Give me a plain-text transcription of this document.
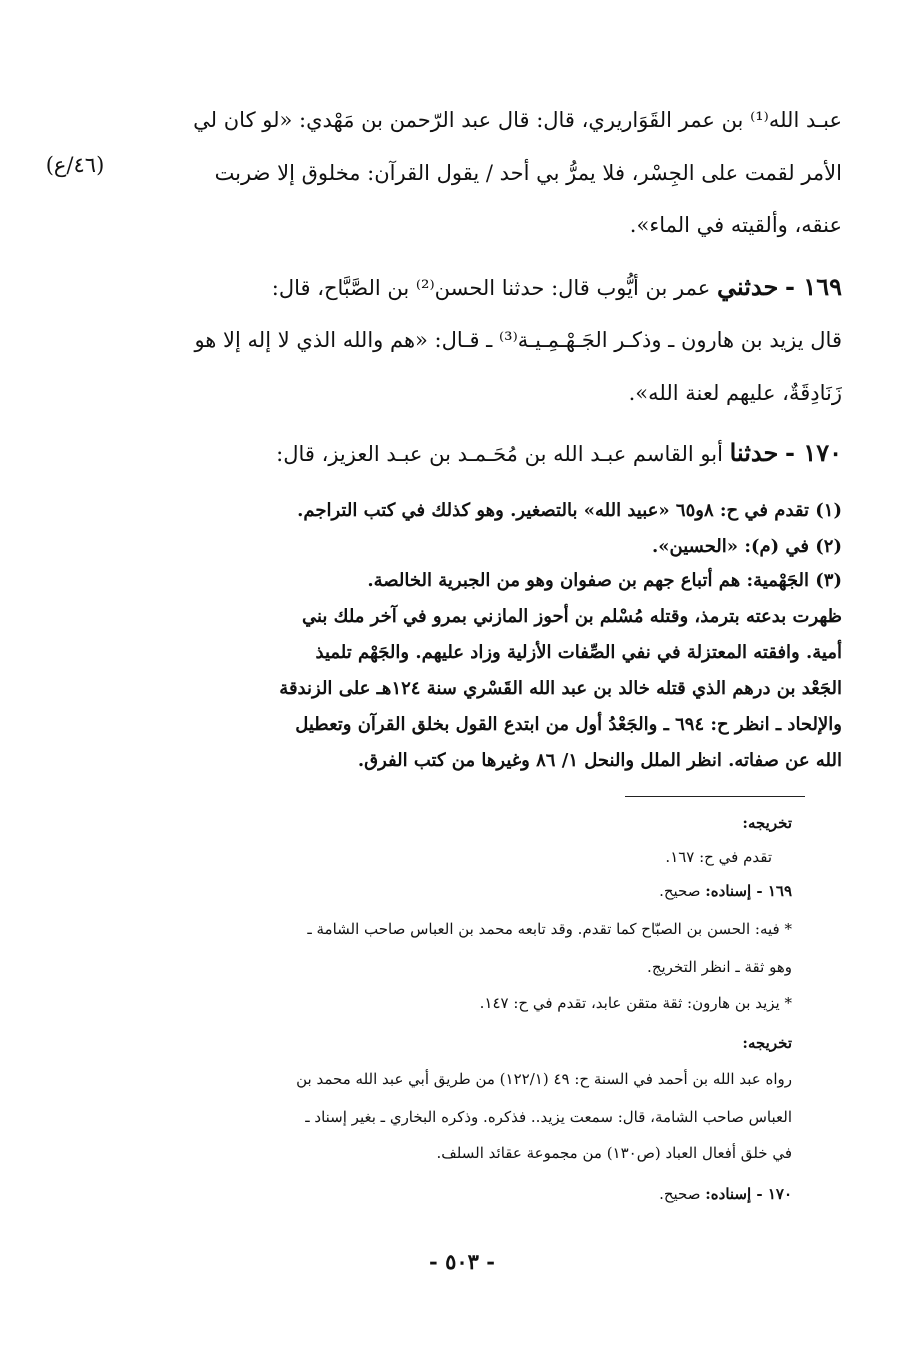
(٤٦/ع)
عبـد الله⁽¹⁾ بن عمر القَوَاريري، قال: قال عبد الرّحمن بن مَهْدي: «لو كان لي
الأمر لقمت على الجِسْر، فلا يمرُّ بي أحد / يقول القرآن: مخلوق إلا ضربت
عنقه، وألقيته في الماء».
١٦٩ - حدثني عمر بن أيُّوب قال: حدثنا الحسن⁽²⁾ بن الصَّبَّاح، قال:
قال يزيد بن هارون ـ وذكـر الجَـهْـمِـيـة⁽³⁾ ـ قـال: «هم والله الذي لا إله إلا هو
زَنَادِقَةٌ، عليهم لعنة الله».
١٧٠ - حدثنا أبو القاسم عبـد الله بن مُحَـمـد بن عبـد العزيز، قال:
(١) تقدم في ح: ٨و٦٥ «عبيد الله» بالتصغير. وهو كذلك في كتب التراجم.
(٢) في (م): «الحسين».
(٣) الجَهْمية: هم أتباع جهم بن صفوان وهو من الجبرية الخالصة.
ظهرت بدعته بترمذ، وقتله مُسْلم بن أحوز المازني بمرو في آخر ملك بني
أمية. وافقته المعتزلة في نفي الصِّفات الأزلية وزاد عليهم. والجَهْم تلميذ
الجَعْد بن درهم الذي قتله خالد بن عبد الله القَسْري سنة ١٢٤هـ على الزندقة
والإلحاد ـ انظر ح: ٦٩٤ ـ والجَعْدُ أول من ابتدع القول بخلق القرآن وتعطيل
الله عن صفاته. انظر الملل والنحل ١/ ٨٦ وغيرها من كتب الفرق.
تخريجه:
تقدم في ح: ١٦٧.
١٦٩ - إسناده: صحيح.
* فيه: الحسن بن الصبّاح كما تقدم. وقد تابعه محمد بن العباس صاحب الشامة ـ
وهو ثقة ـ انظر التخريج.
* يزيد بن هارون: ثقة متقن عابد، تقدم في ح: ١٤٧.
تخريجه:
رواه عبد الله بن أحمد في السنة ح: ٤٩ (١٢٢/١) من طريق أبي عبد الله محمد بن
العباس صاحب الشامة، قال: سمعت يزيد.. فذكره. وذكره البخاري ـ بغير إسناد ـ
في خلق أفعال العباد (ص١٣٠) من مجموعة عقائد السلف.
١٧٠ - إسناده: صحيح.
- ٥٠٣ -
